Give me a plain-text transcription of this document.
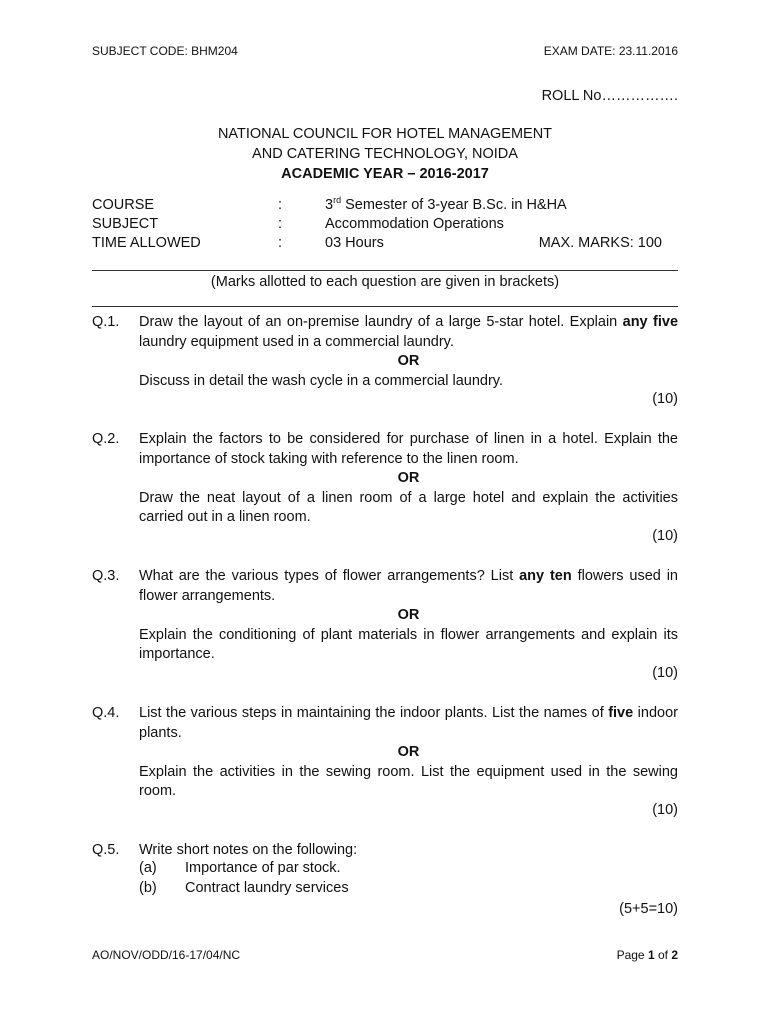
SUBJECT CODE: BHM204	EXAM DATE: 23.11.2016
ROLL No…………….
NATIONAL COUNCIL FOR HOTEL MANAGEMENT
AND CATERING TECHNOLOGY, NOIDA
ACADEMIC YEAR – 2016-2017
COURSE	:	3rd Semester of 3-year B.Sc. in H&HA
SUBJECT	:	Accommodation Operations
TIME ALLOWED	:	03 Hours	MAX. MARKS: 100
(Marks allotted to each question are given in brackets)
Q.1. Draw the layout of an on-premise laundry of a large 5-star hotel. Explain any five laundry equipment used in a commercial laundry.
OR
Discuss in detail the wash cycle in a commercial laundry.
(10)
Q.2. Explain the factors to be considered for purchase of linen in a hotel. Explain the importance of stock taking with reference to the linen room.
OR
Draw the neat layout of a linen room of a large hotel and explain the activities carried out in a linen room.
(10)
Q.3. What are the various types of flower arrangements? List any ten flowers used in flower arrangements.
OR
Explain the conditioning of plant materials in flower arrangements and explain its importance.
(10)
Q.4. List the various steps in maintaining the indoor plants. List the names of five indoor plants.
OR
Explain the activities in the sewing room. List the equipment used in the sewing room.
(10)
Q.5. Write short notes on the following:
(a) Importance of par stock.
(b) Contract laundry services
(5+5=10)
AO/NOV/ODD/16-17/04/NC	Page 1 of 2
